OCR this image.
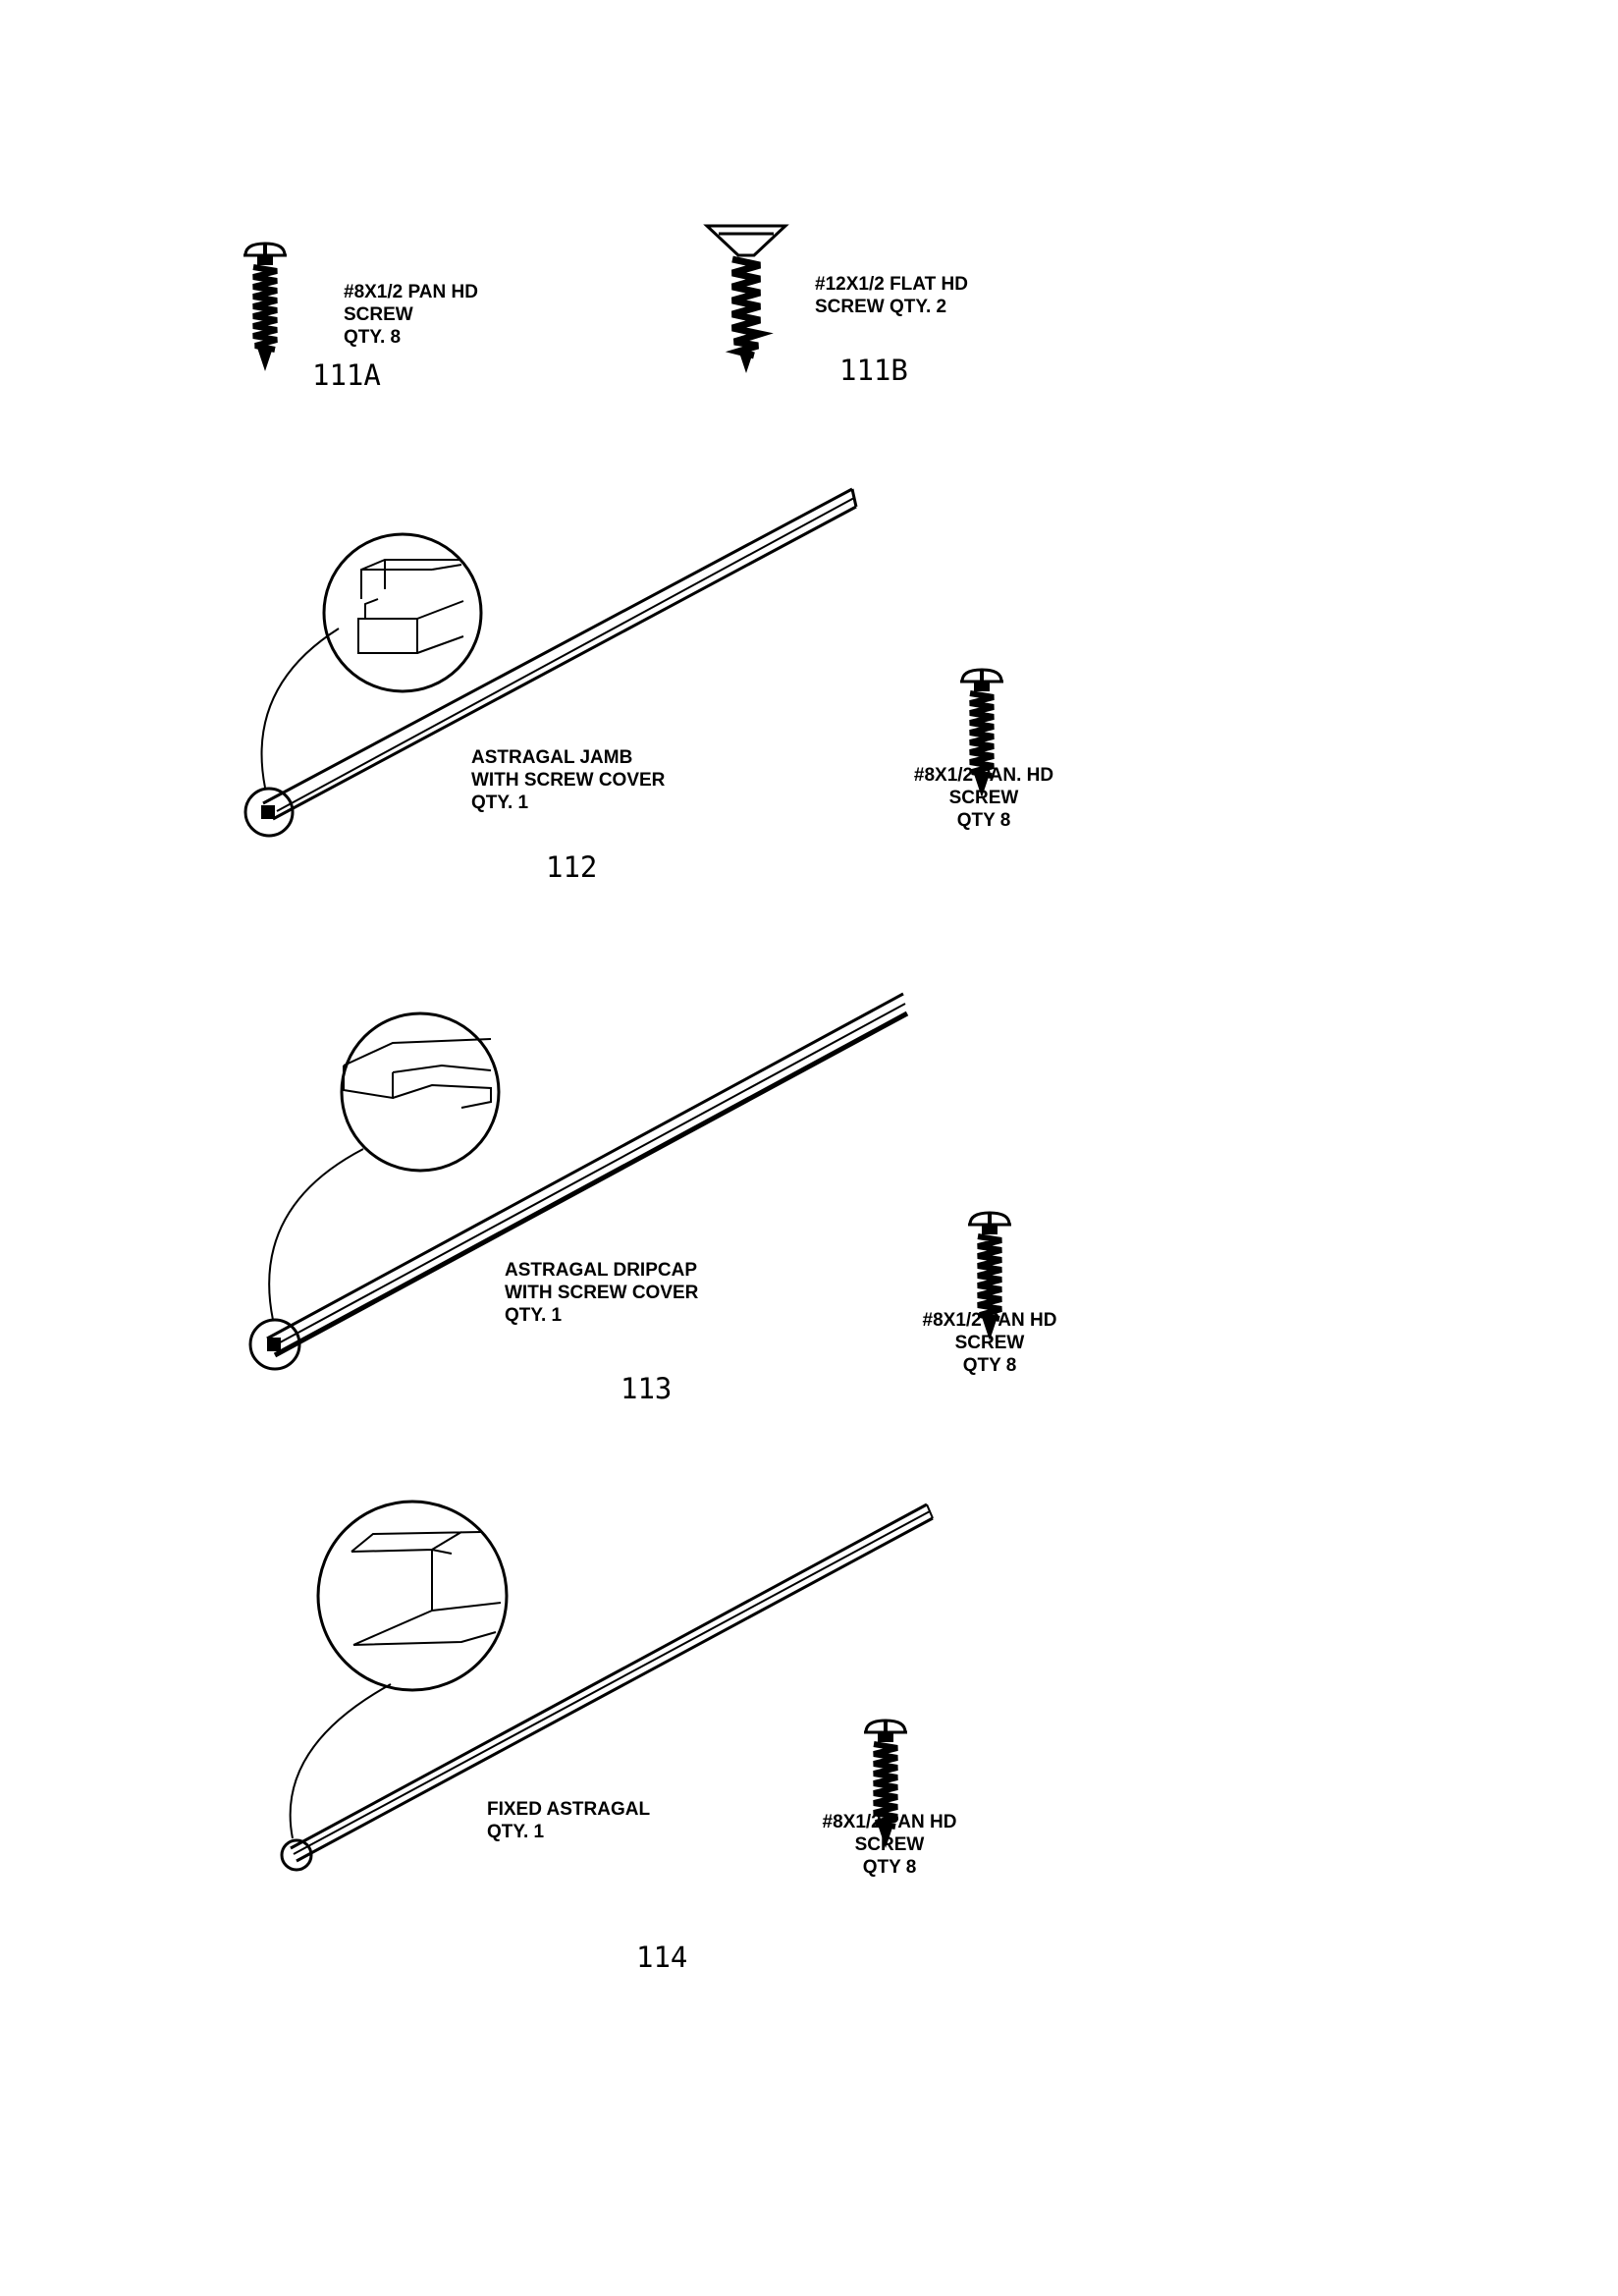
#8X1/2 PAN HD
SCREW
QTY. 8
111A
#12X1/2 FLAT HD
SCREW QTY. 2
111B
ASTRAGAL JAMB
WITH SCREW COVER
QTY. 1
112
#8X1/2 PAN. HD
SCREW
QTY 8
ASTRAGAL DRIPCAP
WITH SCREW COVER
QTY. 1
113
#8X1/2 PAN HD
SCREW
QTY 8
FIXED ASTRAGAL
QTY. 1
114
#8X1/2 PAN HD
SCREW
QTY 8
